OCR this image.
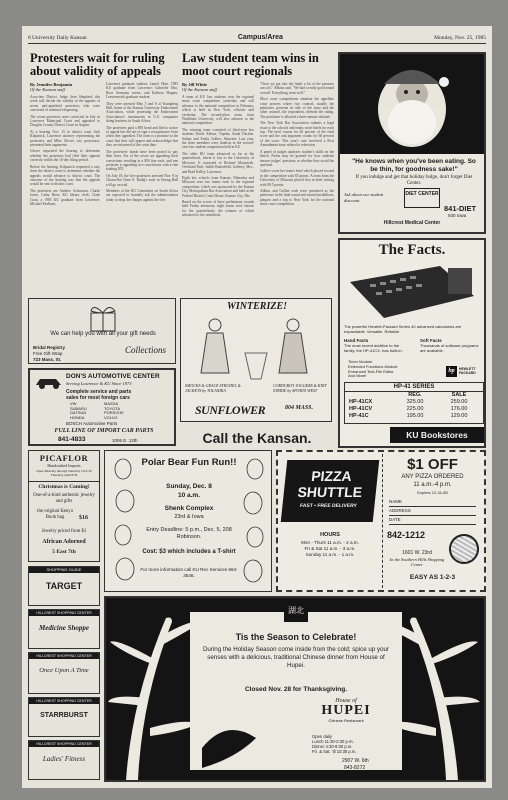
8 University Daily Kansan	Campus/Area	Monday, Nov. 25, 1985
Protesters wait for ruling about validity of appeals
By Jennifer Benjamin
Of the Kansan staff

Associate District Judge Jean Shepherd this week will decide the validity of the appeals of seven anti-apartheid protesters who were convicted of criminal trespassing.

The seven protesters were convicted in July in Lawrence Municipal Court and appealed to Douglas County District Court in August.

At a hearing Nov. 15 in district court Jack Kilpatrick, Lawrence attorney representing the protesters, and Mike Glover, city prosecutor, presented their arguments.

Glover requested the hearing to determine whether the protesters had filed their appeals correctly within the 10-day filing period.

Before the hearing, Kilpatrick requested a stay from the district court to determine whether the appeals would advance to district court. The outcome of the hearing was that the appeals would be sent to district court.

The protesters are Andrew Ackerman, Clarke Jones, Cathy Brew, KU library clerk; Clark Coan, a 1983 KU graduate from Lawrence; Michael Faulkner,

Lawrence graduate student; Laurel Ohm, 1985 KU graduate from Lawrence; Gabrielle Otto, Rose Germany senior; and Kathryn Hopper, Leavenworth graduate student.

They were arrested May 3 and 8 at Youngberg Hall, home of the Kansas University Endowment Association, while protesting the Endowment Association's investments in U.S. companies doing business in South Africa.

The protesters paid a $50 bond and filed a notice of appeal but did not re-sign a recognizance form when they appealed. The form is a promise to the court that they will appear and acknowledge that they are informed of the court date.

The protesters' bonds have been posted to pay their fines. Six of the seven are appealing their convictions resulting in a $50 fine each, and one protester is appealing two convictions with a fine totaling $70.

On July 18, the five protesters arrested Nov. 8 in Chancellor Gene A. Budig's suite in Strong Hall will go on trial.

Members of the KU Committee on South Africa are expected to formally ask the administration today to drop the charges against the five.

Law student team wins in moot court regionals
By Jill White
Of the Kansan staff

A team of KU law students won the regional moot court competition yesterday and will advance to the national competition in February, which is held in New York, officials said yesterday. The second-place team, from Washburn University, will also advance to the national competition.

The winning team consisted of third-year law students David Adkins, Topeka; Sarah Dacken, Salina; and Emily Gollier, Shawnee. Last year, the three members were finalists in the second-year law student competition held at KU.

The other KU team advanced as far as the quarterfinals, where it lost to the University of Missouri. It consisted of Richard Macintosh, Overland Park; Judith Butterfield, Gaffney, Mrs.; and Brad Kelley, Lawrence.

Eight law schools from Kansas, Nebraska and Missouri sent two teams each to the regional competition, which was sponsored by the Kansas City Metropolitan Bar Association and held at the Federal District Court House, Kansas City, Mo.

Based on the scores of three preliminary rounds held Friday afternoon, eight teams were chosen for the quarterfinals, the winners of which advanced to the semifinals.

"Once we got into the finals a lot of the pressure was off," Adkins said. "We had a really good round overall. Everything went well."

Moot court competitions simulate the appellate court process where two counsel, usually the petitioner, presents its side of the issue and the other counsel, the respondent, defends the ruling. The petitioner is allowed a three-minute rebuttal.

The New York Bar Association submits a legal issue to the schools and teams write briefs for each trip. The brief counts for 40 percent of the final score and the oral argument counts for 60 percent of the score. This year's case involved a First Amendment issue related to television.

A panel of judges analyzes student's skills on the bench. Points may be granted for how students answer judges' questions or whether they avoid the question.

Gollier wrote her team's brief which placed second in the competition with 83 points. A team from the University of Missouri placed first in brief writing with 90.5 points.

Adkins and Gollier each were presented as the petitioner in the final round and earned medallions, plaques and a trip to New York for the national moot court competition.

"He knows when you've been eating. So be thin, for goodness sake!"
If you indulge and get that holiday bulge, don't forget Diet Center.
Ask about our student discount.
DIET CENTER
841-DIET
930 Iowa
Hillcrest Medical Center
We can help you with all your gift needs
Bridal Registry
Free Gift Wrap
723 Mass. St.
Collections
WINTERIZE!
SMOCKS & GRACE STRUDEL & JACKETS by TOLANIKA
CORDUROY JOGGERS & KNIT STRIDE by SPORTS WEST
SUNFLOWER	804 MASS.
The Facts.
The powerful Hewlett-Packard Series 40 advanced calculators are expandable. Versatile. Reliable.
Hand Facts
The most recent addition to the family, the HP-41CX, has built-in:
Timer Module
Extended Functions Module
Enhanced Text-File Editor
And More!
Soft Facts
Thousands of software programs are available.
hp	HEWLETT PACKARD
HP-41 SERIES
REG.	SALE
HP-41CX	325.00	259.00
HP-41CV	225.00	176.00
HP-41C	195.00	129.00
KU Bookstores
DON'S AUTOMOTIVE CENTER
Serving Lawrence & KU Since 1973
Complete service and parts
sales for most foreign cars
VW
SUBARU
DATSUN
HONDA
MAZDA
TOYOTA
PORSCHE
VOLVO
BOSCH Automotive Parts
FULL LINE OF IMPORT CAR PARTS
841-4833	1006 E. 12th	Call the Kansan.
PICAFLOR
Handcrafted Imports
Open Monday through Saturday 10-5:30 Thursday until 8:30
Christmas is Coming!
One-of-a-kind authentic jewelry and gifts
the original Kenya Book bag	$16
Jewelry priced from $1
African Adorned
5 East 7th
Polar Bear Fun Run!!
Sunday, Dec. 8
10 a.m.
Shenk Complex
23rd & Iowa
Entry Deadline: 5 p.m., Dec. 5, 208 Robinson.
Cost: $3 which includes a T-shirt
For more information call KU Rec Services 864-3546.
PIZZA SHUTTLE
FAST • FREE DELIVERY
HOURS
Mon - Thurs 11 a.m. - 2 a.m.
Fri & Sat 11 a.m. - 3 a.m.
Sunday 11 a.m. - 1 a.m.
$1 OFF
ANY PIZZA ORDERED
11 a.m.-4 p.m.
Expires 12-31-85
NAME
ADDRESS
DATE
842-1212
1601 W. 23rd
In the Southern Hills Shopping Center
EASY AS 1-2-3
SHOPPING GUIDE
TARGET
HILLCREST SHOPPING CENTER
Medicine Shoppe
HILLCREST SHOPPING CENTER
Once Upon A Time
HILLCREST SHOPPING CENTER
STARRBURST
HILLCREST SHOPPING CENTER
Ladies' Fitness
湖北
Tis the Season to Celebrate!
During the Holiday Season come inside from the cold; spice up your senses with a delicious, traditional Chinese dinner from House of Hupei.
Closed Nov. 28 for Thanksgiving.
House of
HUPEI
Chinese Restaurant
Open daily
Lunch 11:30-2:30 p.m.
Dinner 4:30-9:30 p.m.
Fri. & Sat. 'til 10:30 p.m.
2907 W. 6th
843-8272
